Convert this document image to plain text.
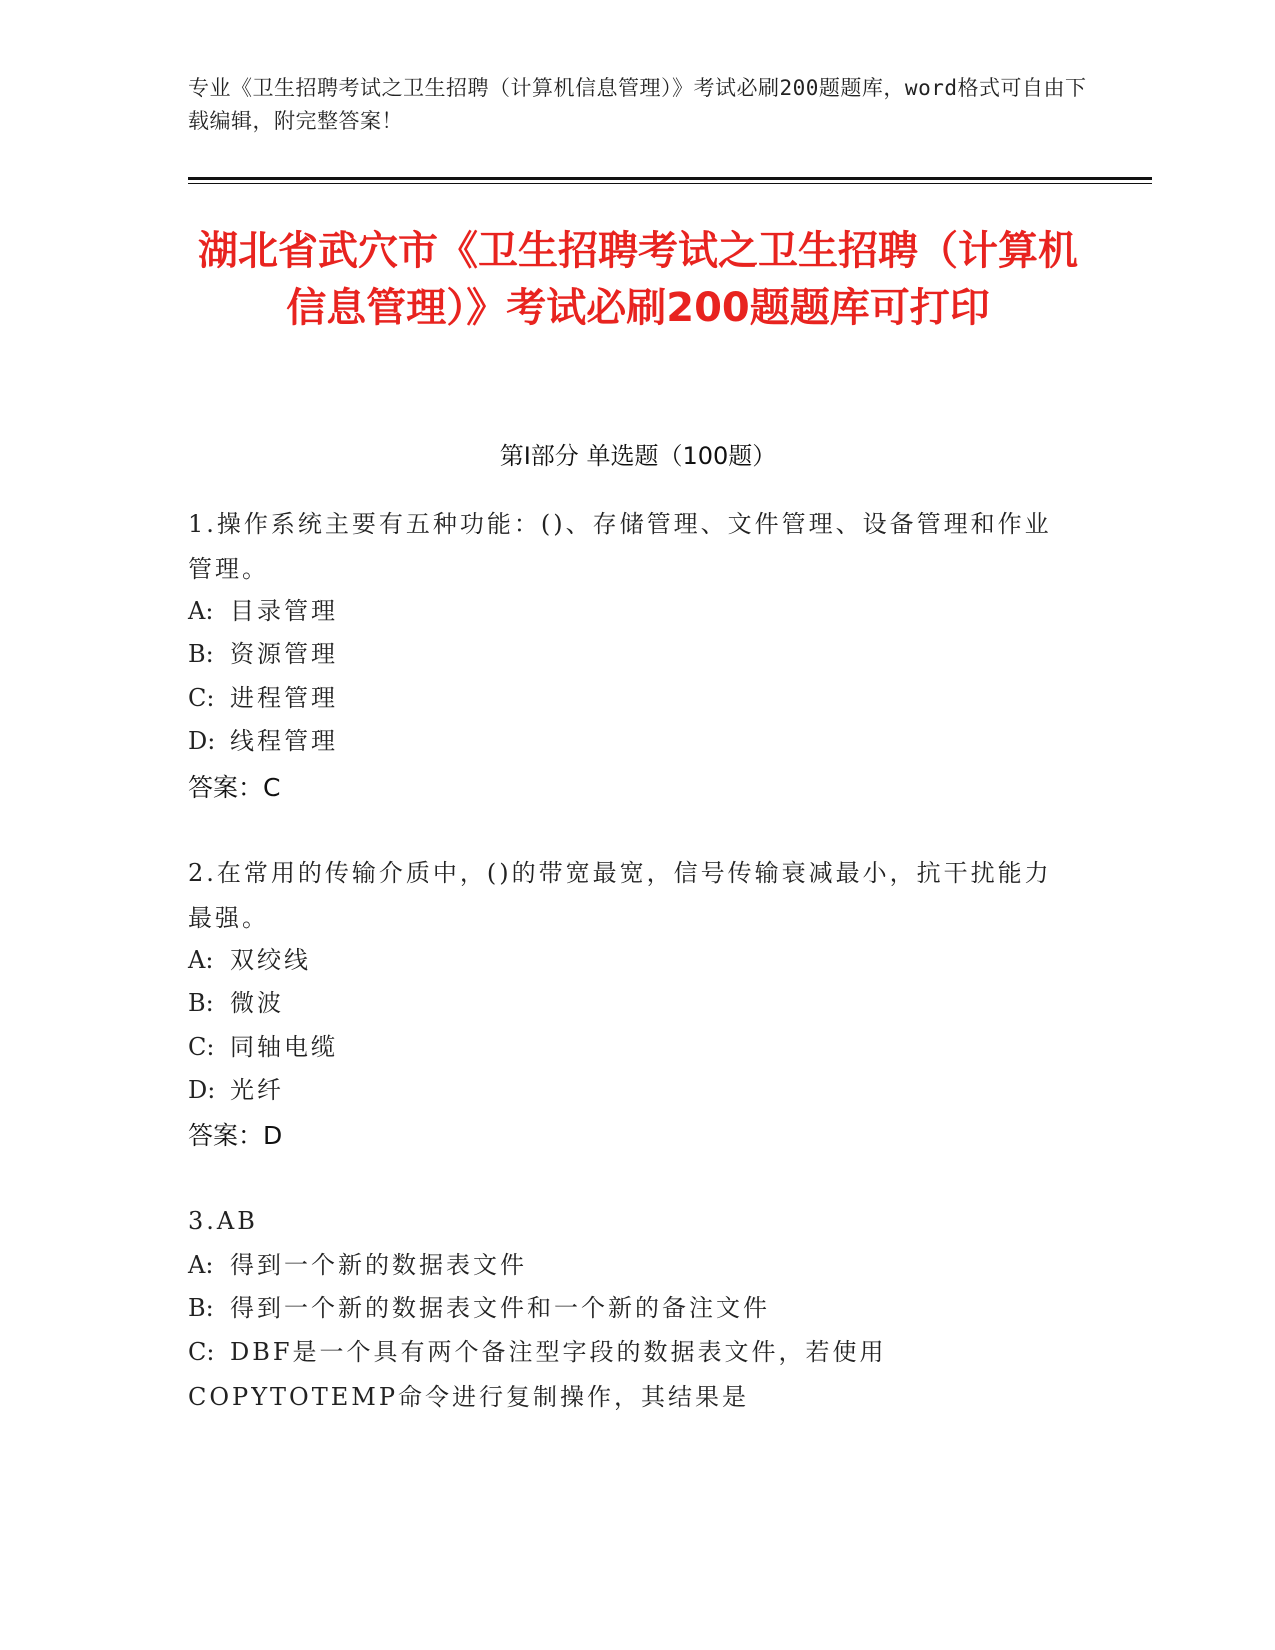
专业《卫生招聘考试之卫生招聘（计算机信息管理）》考试必刷200题题库，word格式可自由下载编辑，附完整答案！
湖北省武穴市《卫生招聘考试之卫生招聘（计算机信息管理）》考试必刷200题题库可打印
第Ⅰ部分 单选题（100题）
1.操作系统主要有五种功能：()、存储管理、文件管理、设备管理和作业管理。
A: 目录管理
B: 资源管理
C: 进程管理
D: 线程管理
答案：C
2.在常用的传输介质中，()的带宽最宽，信号传输衰减最小，抗干扰能力最强。
A: 双绞线
B: 微波
C: 同轴电缆
D: 光纤
答案：D
3.AB
A: 得到一个新的数据表文件
B: 得到一个新的数据表文件和一个新的备注文件
C: DBF是一个具有两个备注型字段的数据表文件，若使用COPYTOTEMP命令进行复制操作，其结果是
